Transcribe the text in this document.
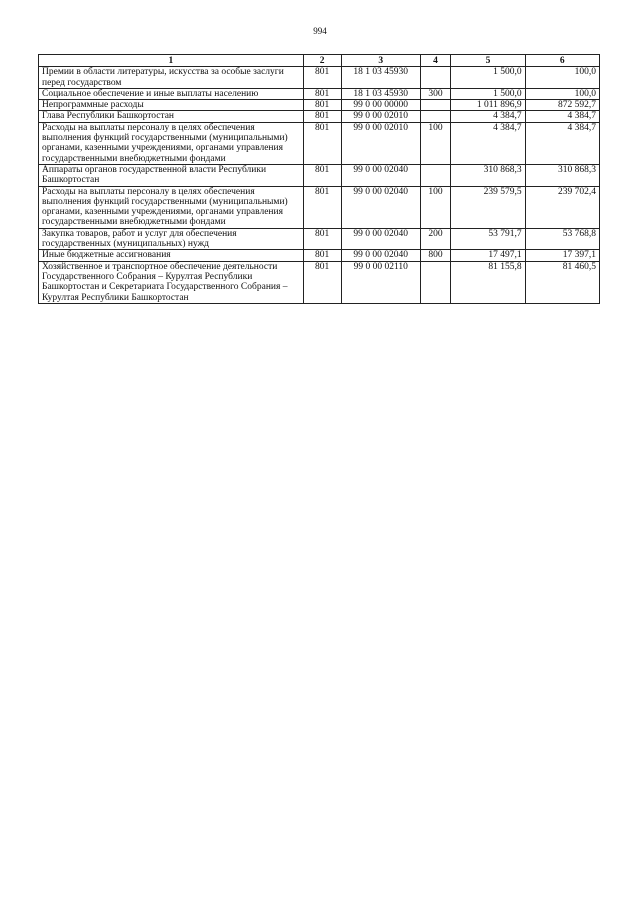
994
1	2	3	4	5	6
Премии в области литературы, искусства за особые заслуги перед государством	801	18 1 03 45930		1 500,0	100,0
Социальное обеспечение и иные выплаты населению	801	18 1 03 45930	300	1 500,0	100,0
Непрограммные расходы	801	99 0 00 00000		1 011 896,9	872 592,7
Глава Республики Башкортостан	801	99 0 00 02010		4 384,7	4 384,7
Расходы на выплаты персоналу в целях обеспечения выполнения функций государственными (муниципальными) органами, казенными учреждениями, органами управления государственными внебюджетными фондами	801	99 0 00 02010	100	4 384,7	4 384,7
Аппараты органов государственной власти Республики Башкортостан	801	99 0 00 02040		310 868,3	310 868,3
Расходы на выплаты персоналу в целях обеспечения выполнения функций государственными (муниципальными) органами, казенными учреждениями, органами управления государственными внебюджетными фондами	801	99 0 00 02040	100	239 579,5	239 702,4
Закупка товаров, работ и услуг для обеспечения государственных (муниципальных) нужд	801	99 0 00 02040	200	53 791,7	53 768,8
Иные бюджетные ассигнования	801	99 0 00 02040	800	17 497,1	17 397,1
Хозяйственное и транспортное обеспечение деятельности Государственного Собрания – Курултая Республики Башкортостан и Секретариата Государственного Собрания – Курултая Республики Башкортостан	801	99 0 00 02110		81 155,8	81 460,5
